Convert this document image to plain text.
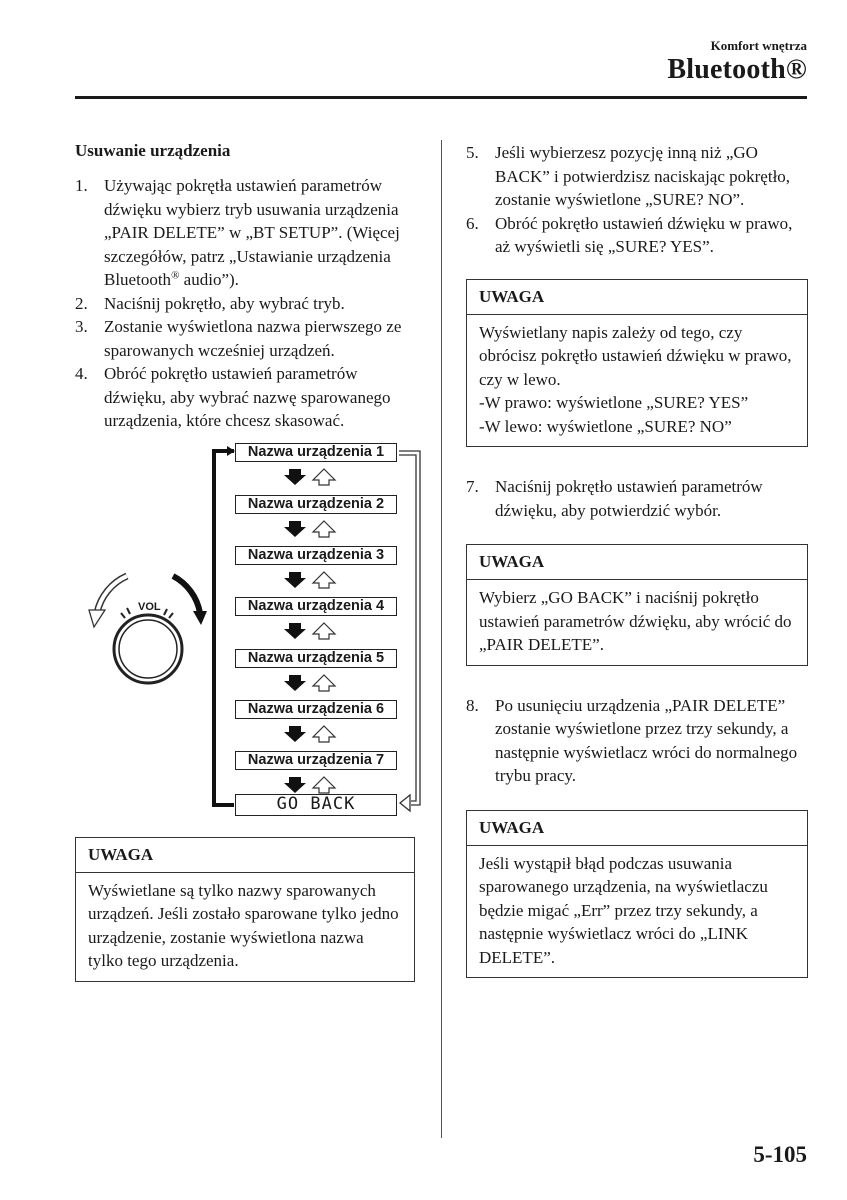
Komfort wnętrza
Bluetooth®
Usuwanie urządzenia
1. Używając pokrętła ustawień parametrów dźwięku wybierz tryb usuwania urządzenia „PAIR DELETE” w „BT SETUP”. (Więcej szczegółów, patrz „Ustawianie urządzenia Bluetooth® audio”).
2. Naciśnij pokrętło, aby wybrać tryb.
3. Zostanie wyświetlona nazwa pierwszego ze sparowanych wcześniej urządzeń.
4. Obróć pokrętło ustawień parametrów dźwięku, aby wybrać nazwę sparowanego urządzenia, które chcesz skasować.
VOL
Nazwa urządzenia 1
Nazwa urządzenia 2
Nazwa urządzenia 3
Nazwa urządzenia 4
Nazwa urządzenia 5
Nazwa urządzenia 6
Nazwa urządzenia 7
GO BACK
UWAGA
Wyświetlane są tylko nazwy sparowanych urządzeń. Jeśli zostało sparowane tylko jedno urządzenie, zostanie wyświetlona nazwa tylko tego urządzenia.
5. Jeśli wybierzesz pozycję inną niż „GO BACK” i potwierdzisz naciskając pokrętło, zostanie wyświetlone „SURE? NO”.
6. Obróć pokrętło ustawień dźwięku w prawo, aż wyświetli się „SURE? YES”.
UWAGA
Wyświetlany napis zależy od tego, czy obrócisz pokrętło ustawień dźwięku w prawo, czy w lewo.
-W prawo: wyświetlone „SURE? YES”
-W lewo: wyświetlone „SURE? NO”
7. Naciśnij pokrętło ustawień parametrów dźwięku, aby potwierdzić wybór.
UWAGA
Wybierz „GO BACK” i naciśnij pokrętło ustawień parametrów dźwięku, aby wrócić do „PAIR DELETE”.
8. Po usunięciu urządzenia „PAIR DELETE” zostanie wyświetlone przez trzy sekundy, a następnie wyświetlacz wróci do normalnego trybu pracy.
UWAGA
Jeśli wystąpił błąd podczas usuwania sparowanego urządzenia, na wyświetlaczu będzie migać „Err” przez trzy sekundy, a następnie wyświetlacz wróci do „LINK DELETE”.
5-105
